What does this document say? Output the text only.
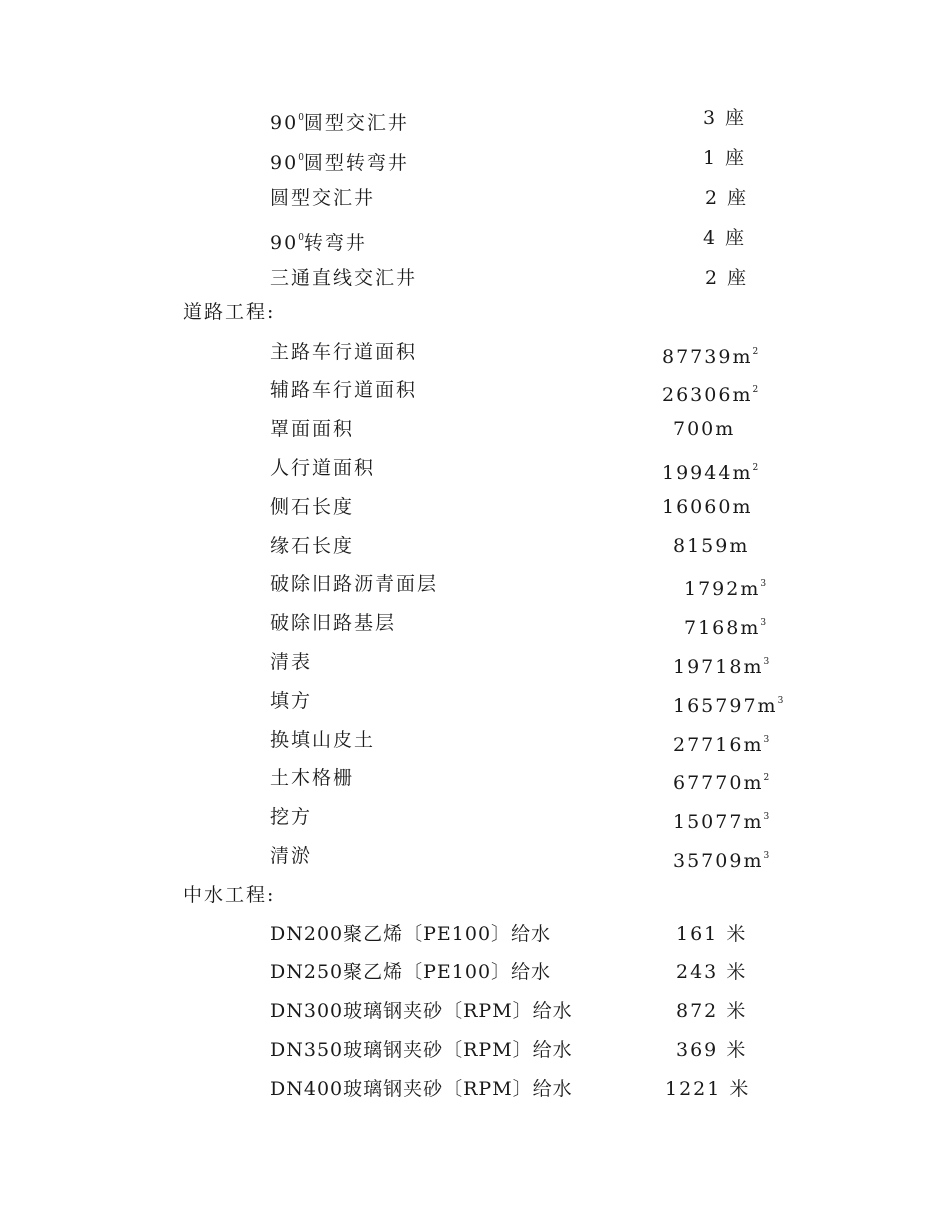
$90^0$圆型交汇井	3 座
$90^0$圆型转弯井	1 座
圆型交汇井	2 座
$90^0$转弯井	4 座
三通直线交汇井	2 座
道路工程:
主路车行道面积	$87739m^2$
辅路车行道面积	$26306m^2$
罩面面积	700m
人行道面积	$19944m^2$
侧石长度	16060m
缘石长度	8159m
破除旧路沥青面层	$1792m^3$
破除旧路基层	$7168m^3$
清表	$19718m^3$
填方	$165797m^3$
换填山皮土	$27716m^3$
土木格栅	$67770m^2$
挖方	$15077m^3$
清淤	$35709m^3$
中水工程:
DN200聚乙烯〔PE100〕给水	161 米
DN250聚乙烯〔PE100〕给水	243 米
DN300玻璃钢夹砂〔RPM〕给水	872 米
DN350玻璃钢夹砂〔RPM〕给水	369 米
DN400玻璃钢夹砂〔RPM〕给水	1221 米
